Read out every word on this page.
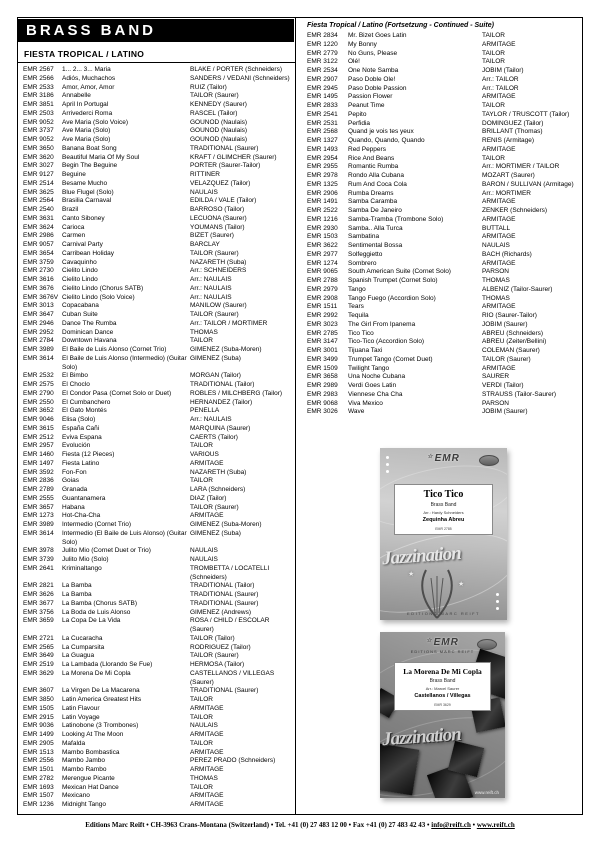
BRASS BAND
FIESTA TROPICAL / LATINO
EMR 2567	1... 2... 3... Maria	BLAKE / PORTER (Schneiders)
EMR 2566	Adiós, Muchachos	SANDERS / VEDANI (Schneiders)
EMR 2533	Amor, Amor, Amor	RUIZ (Tailor)
EMR 3186	Annabelle	TAILOR (Saurer)
EMR 3851	April In Portugal	KENNEDY (Saurer)
EMR 2503	Arrivederci Roma	RASCEL (Tailor)
EMR 9052	Ave Maria (Solo Voice)	GOUNOD (Naulais)
EMR 3737	Ave Maria (Solo)	GOUNOD (Naulais)
EMR 9052	Ave Maria (Solo)	GOUNOD (Naulais)
EMR 3650	Banana Boat Song	TRADITIONAL (Saurer)
EMR 3620	Beautiful Maria Of My Soul	KRAFT / GLIMCHER (Saurer)
EMR 3027	Begin The Beguine	PORTER (Saurer-Tailor)
EMR 9127	Beguine	RITTINER
EMR 2514	Besame Mucho	VELAZQUEZ (Tailor)
EMR 3625	Blue Flugel (Solo)	NAULAIS
EMR 2564	Brasilia Carnaval	EDILDA / VALE (Tailor)
EMR 2540	Brazil	BARROSO (Tailor)
EMR 3631	Canto Siboney	LECUONA (Saurer)
EMR 3624	Carioca	YOUMANS (Tailor)
EMR 2986	Carmen	BIZET (Saurer)
EMR 9057	Carnival Party	BARCLAY
EMR 3654	Carribean Holiday	TAILOR (Saurer)
EMR 3759	Cavaquinho	NAZARETH (Suba)
EMR 2730	Cielito Lindo	Arr.: SCHNEIDERS
EMR 3616	Cielito Lindo	Arr.: NAULAIS
EMR 3676	Cielito Lindo (Chorus SATB)	Arr.: NAULAIS
EMR 3676V Cielito Lindo (Solo Voice)	Arr.: NAULAIS
EMR 3013	Copacabana	MANILOW (Saurer)
EMR 3647	Cuban Suite	TAILOR (Saurer)
EMR 2946	Dance The Rumba	Arr.: TAILOR / MORTIMER
EMR 2952	Dominican Dance	THOMAS
EMR 2784	Downtown Havana	TAILOR
EMR 3989	El Baile de Luis Alonso (Cornet Trio)	GIMENEZ (Suba-Moren)
EMR 3614	El Baile de Luis Alonso (Intermedio) (Guitar Solo)
GIMENEZ (Suba)
EMR 2532	El Bimbo	MORGAN (Tailor)
EMR 2575	El Choclo	TRADITIONAL (Tailor)
EMR 2790	El Condor Pasa (Cornet Solo or Duet)	ROBLES / MILCHBERG (Tailor)
EMR 2550	El Cumbanchero	HERNANDEZ (Tailor)
EMR 3652	El Gato Montés	PENELLA
EMR 9046	Elisa (Solo)	Arr.: NAULAIS
EMR 3615	España Cañi	MARQUINA (Saurer)
EMR 2512	Eviva Espana	CAERTS (Tailor)
EMR 2957	Evolución	TAILOR
EMR 1460	Fiesta (12 Pieces)	VARIOUS
EMR 1497	Fiesta Latino	ARMITAGE
EMR 3592	Fon-Fon	NAZARETH (Suba)
EMR 2836	Goias	TAILOR
EMR 2789	Granada	LARA (Schneiders)
EMR 2555	Guantanamera	DIAZ (Tailor)
EMR 3657	Habana	TAILOR (Saurer)
EMR 1273	Hot-Cha-Cha	ARMITAGE
EMR 3989	Intermedio (Cornet Trio)	GIMENEZ (Suba-Moren)
EMR 3614	Intermedio (El Baile de Luis Alonso) (Guitar Solo)
GIMENEZ (Suba)
EMR 3978	Julito Mio (Cornet Duet or Trio)	NAULAIS
EMR 3739	Julito Mio (Solo)	NAULAIS
EMR 2641	Kriminaltango	TROMBETTA / LOCATELLI (Schneiders)
EMR 2821	La Bamba	TRADITIONAL (Tailor)
EMR 3626	La Bamba	TRADITIONAL (Saurer)
EMR 3677	La Bamba (Chorus SATB)	TRADITIONAL (Saurer)
EMR 3756	La Boda de Luis Alonso	GIMENEZ (Andrews)
EMR 3659	La Copa De La Vida	ROSA / CHILD / ESCOLAR (Saurer)
EMR 2721	La Cucaracha	TAILOR (Tailor)
EMR 2565	La Cumparsita	RODRIGUEZ (Tailor)
EMR 3649	La Guagua	TAILOR (Saurer)
EMR 2519	La Lambada (Llorando Se Fue)	HERMOSA (Tailor)
EMR 3629	La Morena De Mi Copla	CASTELLANOS / VILLEGAS (Saurer)
EMR 3607	La Virgen De La Macarena	TRADITIONAL (Saurer)
EMR 3850	Latin America Greatest Hits	TAILOR
EMR 1505	Latin Flavour	ARMITAGE
EMR 2915	Latin Voyage	TAILOR
EMR 9036	Latinobone (3 Trombones)	NAULAIS
EMR 1499	Looking At The Moon	ARMITAGE
EMR 2905	Mafalda	TAILOR
EMR 1513	Mambo Bombastica	ARMITAGE
EMR 2556	Mambo Jambo	PEREZ PRADO (Schneiders)
EMR 1501	Mambo Rambo	ARMITAGE
EMR 2782	Merengue Picante	THOMAS
EMR 1693	Mexican Hat Dance	TAILOR
EMR 1507	Mexicano	ARMITAGE
EMR 1236	Midnight Tango	ARMITAGE
Fiesta Tropical / Latino (Fortsetzung - Continued - Suite)
EMR 2834	Mr. Bizet Goes Latin	TAILOR
EMR 1220	My Bonny	ARMITAGE
EMR 2779	No Guns, Please	TAILOR
EMR 3122	Olé!	TAILOR
EMR 2534	One Note Samba	JOBIM (Tailor)
EMR 2907	Paso Doble Ole!	Arr.: TAILOR
EMR 2945	Paso Doble Passion	Arr.: TAILOR
EMR 1495	Passion Flower	ARMITAGE
EMR 2833	Peanut Time	TAILOR
EMR 2541	Pepito	TAYLOR / TRUSCOTT (Tailor)
EMR 2531	Perfidia	DOMINGUEZ (Tailor)
EMR 2568	Quand je vois tes yeux	BRILLANT (Thomas)
EMR 1327	Quando, Quando, Quando	RENIS (Armitage)
EMR 1493	Red Peppers	ARMITAGE
EMR 2954	Rice And Beans	TAILOR
EMR 2955	Romantic Rumba	Arr.: MORTIMER / TAILOR
EMR 2978	Rondo Alla Cubana	MOZART (Saurer)
EMR 1325	Rum And Coca Cola	BARON / SULLIVAN (Armitage)
EMR 2906	Rumba Dreams	Arr.: MORTIMER
EMR 1491	Samba Caramba	ARMITAGE
EMR 2522	Samba De Janeiro	ZENKER (Schneiders)
EMR 1216	Samba-Tramba (Trombone Solo)	ARMITAGE
EMR 2930	Samba.. Alla Turca	BUTTALL
EMR 1503	Sambatina	ARMITAGE
EMR 3622	Sentimental Bossa	NAULAIS
EMR 2977	Solfeggietto	BACH (Richards)
EMR 1274	Sombrero	ARMITAGE
EMR 9065	South American Suite (Cornet Solo)	PARSON
EMR 2788	Spanish Trumpet (Cornet Solo)	THOMAS
EMR 2979	Tango	ALBENIZ (Tailor-Saurer)
EMR 2908	Tango Fuego (Accordion Solo)	THOMAS
EMR 1511	Tears	ARMITAGE
EMR 2992	Tequila	RIO (Saurer-Tailor)
EMR 3023	The Girl From Ipanema	JOBIM (Saurer)
EMR 2785	Tico Tico	ABREU (Schneiders)
EMR 3147	Tico-Tico (Accordion Solo)	ABREU (Zeiter/Bellini)
EMR 3001	Tijuana Taxi	COLEMAN (Saurer)
EMR 3499	Trumpet Tango (Cornet Duet)	TAILOR (Saurer)
EMR 1509	Twilight Tango	ARMITAGE
EMR 3658	Una Noche Cubana	SAURER
EMR 2989	Verdi Goes Latin	VERDI (Tailor)
EMR 2983	Viennese Cha Cha	STRAUSS (Tailor-Saurer)
EMR 9068	Viva Mexico	PARSON
EMR 3026	Wave	JOBIM (Saurer)
☆ EMR
Tico Tico
Brass Band
Arr.: Hardy Schneiders
Zequinha Abreu
EMR 2785
Jazzination
★
★
EDITIONS MARC REIFT
☆ EMR
EDITIONS MARC REIFT
La Morena De Mi Copla
Brass Band
Arr.: Marcel Saurer
Castellanos / Villegas
EMR 3629
Jazzination
www.reift.ch
Editions Marc Reift • CH-3963 Crans-Montana (Switzerland) • Tel. +41 (0) 27 483 12 00 • Fax +41 (0) 27 483 42 43 • info@reift.ch • www.reift.ch
